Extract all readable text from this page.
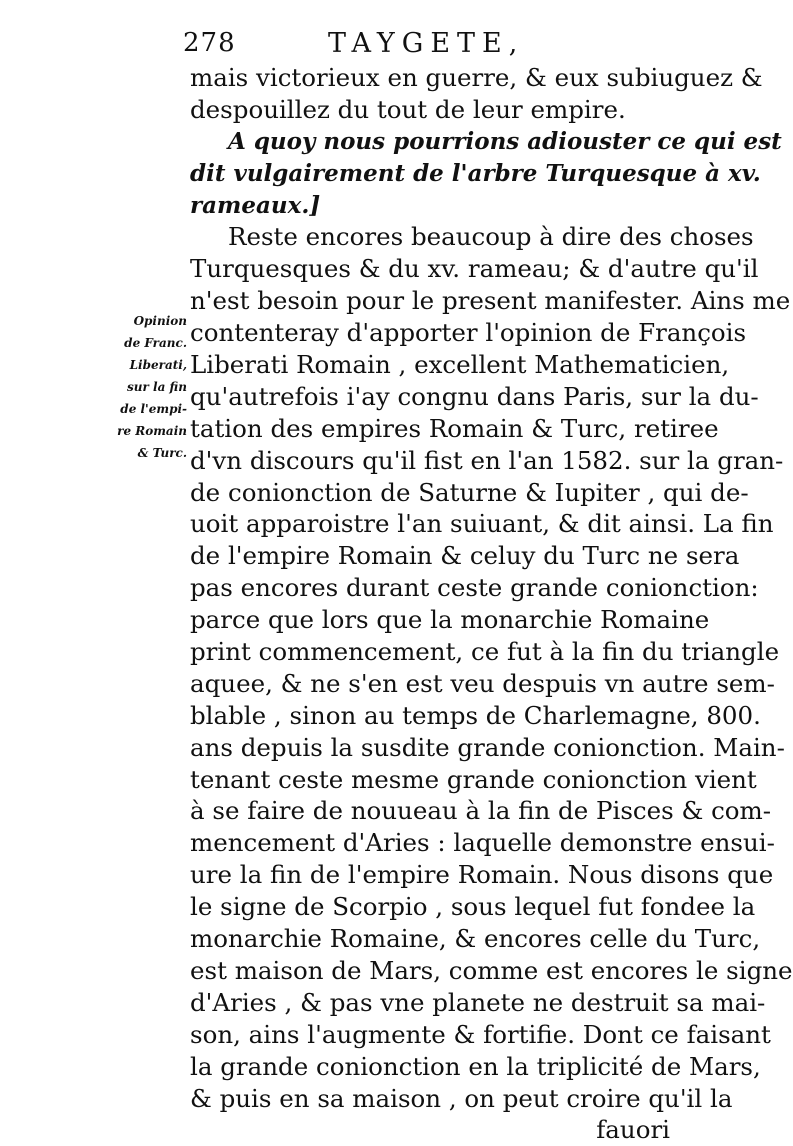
278	TAYGETE,
Opinion
de Franc.
Liberati,
sur la fin
de l'empi-
re Romain
& Turc.
mais victorieux en guerre, & eux subiuguez &
despouillez du tout de leur empire.
A quoy nous pourrions adiouster ce qui est
dit vulgairement de l'arbre Turquesque à xv.
rameaux.]
Reste encores beaucoup à dire des choses
Turquesques & du xv. rameau; & d'autre qu'il
n'est besoin pour le present manifester. Ains me
contenteray d'apporter l'opinion de François
Liberati Romain , excellent Mathematicien,
qu'autrefois i'ay congnu dans Paris, sur la du-
tation des empires Romain & Turc, retiree
d'vn discours qu'il fist en l'an 1582. sur la gran-
de conionction de Saturne & Iupiter , qui de-
uoit apparoistre l'an suiuant, & dit ainsi. La fin
de l'empire Romain & celuy du Turc ne sera
pas encores durant ceste grande conionction:
parce que lors que la monarchie Romaine
print commencement, ce fut à la fin du triangle
aquee, & ne s'en est veu despuis vn autre sem-
blable , sinon au temps de Charlemagne, 800.
ans depuis la susdite grande conionction. Main-
tenant ceste mesme grande conionction vient
à se faire de nouueau à la fin de Pisces & com-
mencement d'Aries : laquelle demonstre ensui-
ure la fin de l'empire Romain. Nous disons que
le signe de Scorpio , sous lequel fut fondee la
monarchie Romaine, & encores celle du Turc,
est maison de Mars, comme est encores le signe
d'Aries , & pas vne planete ne destruit sa mai-
son, ains l'augmente & fortifie. Dont ce faisant
la grande conionction en la triplicité de Mars,
& puis en sa maison , on peut croire qu'il la
fauori
